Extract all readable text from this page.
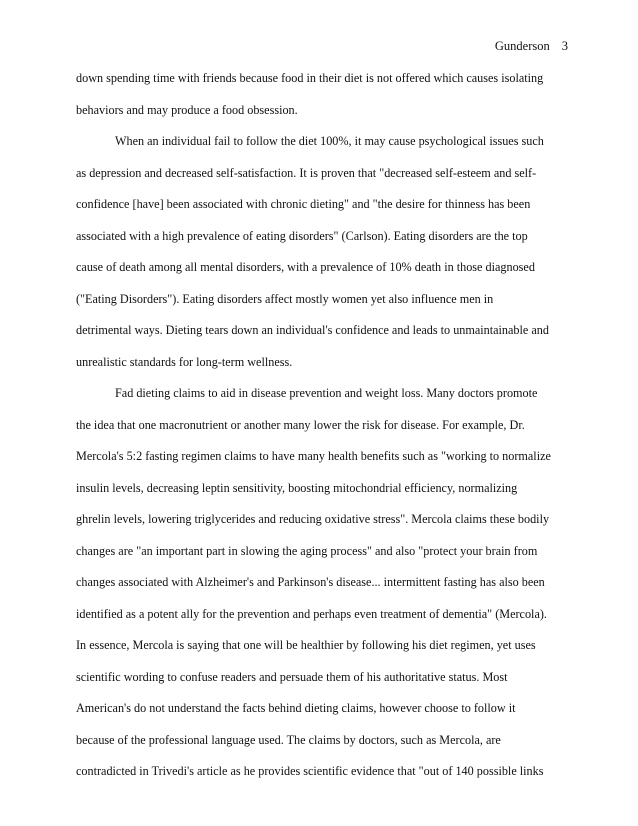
Gunderson 3
down spending time with friends because food in their diet is not offered which causes isolating
behaviors and may produce a food obsession.
When an individual fail to follow the diet 100%, it may cause psychological issues such
as depression and decreased self-satisfaction. It is proven that "decreased self-esteem and self-
confidence [have] been associated with chronic dieting" and "the desire for thinness has been
associated with a high prevalence of eating disorders" (Carlson). Eating disorders are the top
cause of death among all mental disorders, with a prevalence of 10% death in those diagnosed
("Eating Disorders"). Eating disorders affect mostly women yet also influence men in
detrimental ways. Dieting tears down an individual's confidence and leads to unmaintainable and
unrealistic standards for long-term wellness.
Fad dieting claims to aid in disease prevention and weight loss. Many doctors promote
the idea that one macronutrient or another many lower the risk for disease. For example, Dr.
Mercola's 5:2 fasting regimen claims to have many health benefits such as "working to normalize
insulin levels, decreasing leptin sensitivity, boosting mitochondrial efficiency, normalizing
ghrelin levels, lowering triglycerides and reducing oxidative stress". Mercola claims these bodily
changes are "an important part in slowing the aging process" and also "protect your brain from
changes associated with Alzheimer's and Parkinson's disease... intermittent fasting has also been
identified as a potent ally for the prevention and perhaps even treatment of dementia" (Mercola).
In essence, Mercola is saying that one will be healthier by following his diet regimen, yet uses
scientific wording to confuse readers and persuade them of his authoritative status. Most
American's do not understand the facts behind dieting claims, however choose to follow it
because of the professional language used. The claims by doctors, such as Mercola, are
contradicted in Trivedi's article as he provides scientific evidence that "out of 140 possible links
